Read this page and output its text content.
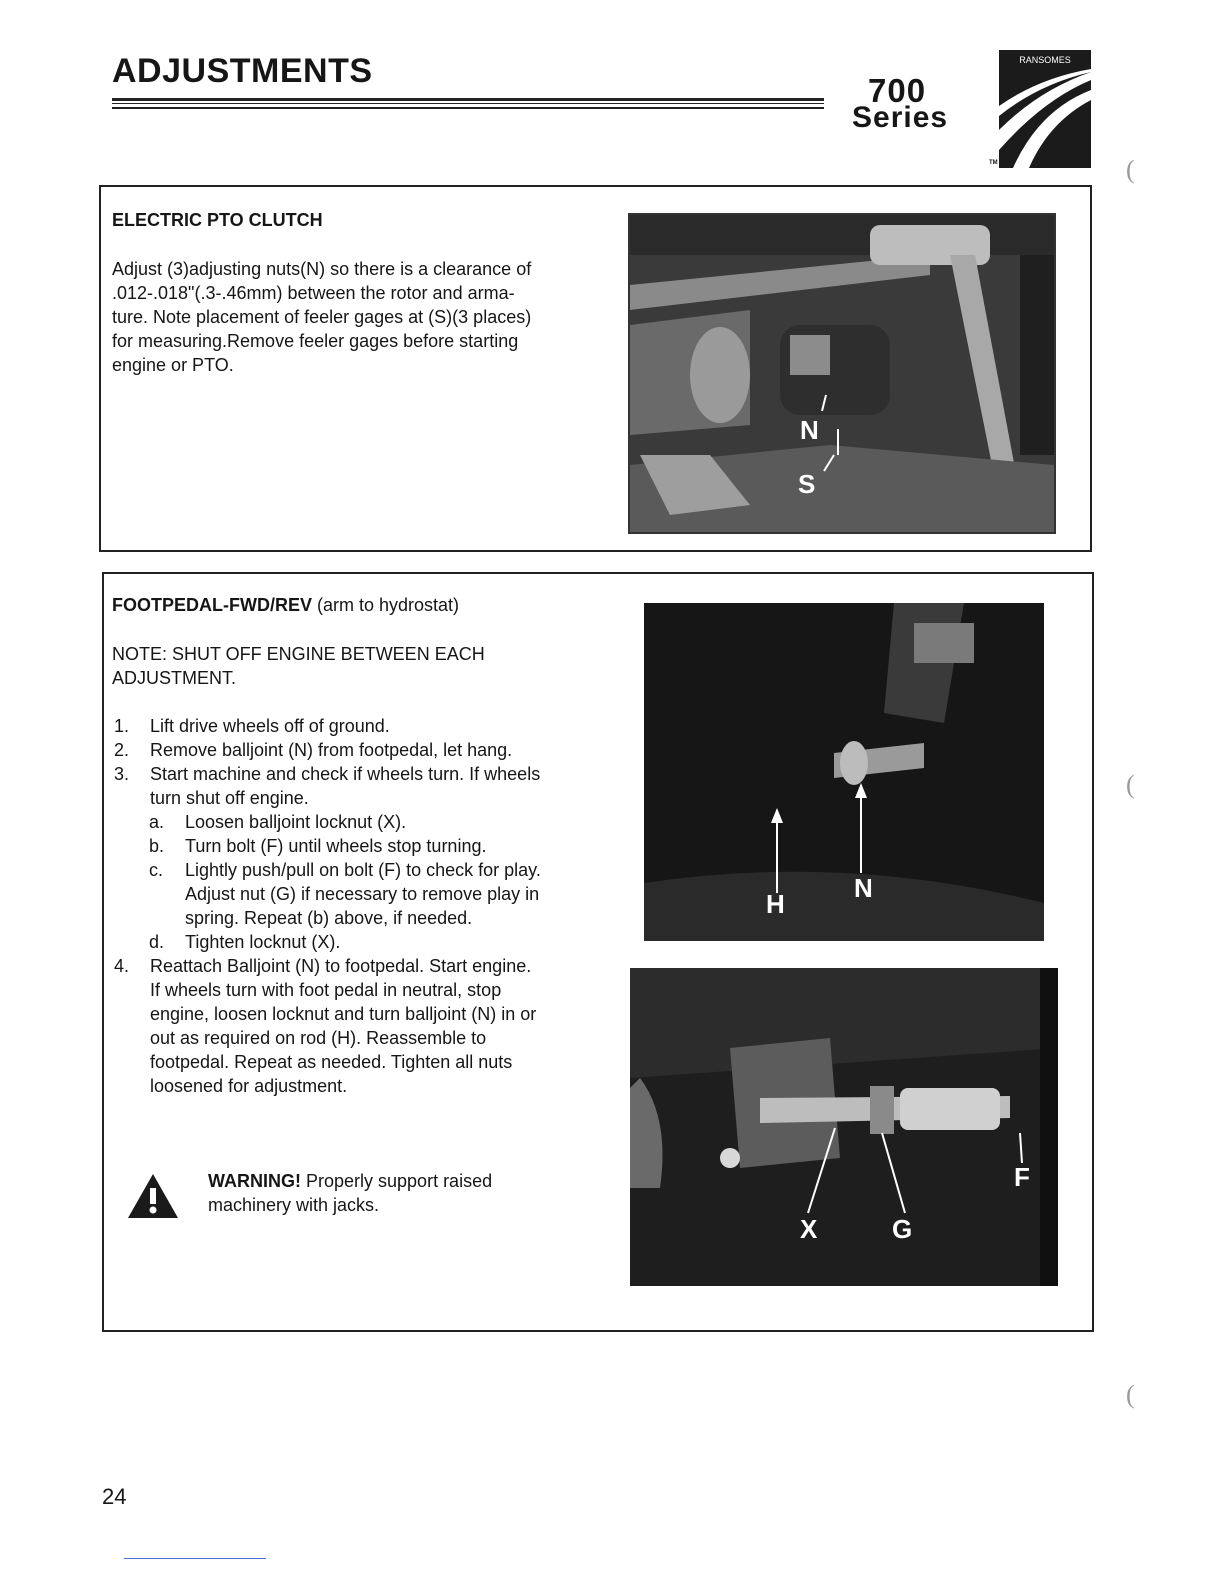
ADJUSTMENTS
700
Series
RANSOMES
TM
ELECTRIC PTO CLUTCH
Adjust (3)adjusting nuts(N) so there is a clearance of
.012-.018"(.3-.46mm) between the rotor and arma-
ture. Note placement of feeler gages at (S)(3 places)
for measuring.Remove feeler gages before starting
engine or PTO.
N
S
FOOTPEDAL-FWD/REV (arm to hydrostat)
NOTE: SHUT OFF ENGINE BETWEEN EACH
ADJUSTMENT.
1. Lift drive wheels off of ground.
2. Remove balljoint (N) from footpedal, let hang.
3. Start machine and check if wheels turn. If wheels
turn shut off engine.
a. Loosen balljoint locknut (X).
b. Turn bolt (F) until wheels stop turning.
c. Lightly push/pull on bolt (F) to check for play.
Adjust nut (G) if necessary to remove play in
spring. Repeat (b) above, if needed.
d. Tighten locknut (X).
4. Reattach Balljoint (N) to footpedal. Start engine.
If wheels turn with foot pedal in neutral, stop
engine, loosen locknut and turn balljoint (N) in or
out as required on rod (H). Reassemble to
footpedal. Repeat as needed. Tighten all nuts
loosened for adjustment.
WARNING! Properly support raised
machinery with jacks.
H
N
X	G
F
24
(
(
(
